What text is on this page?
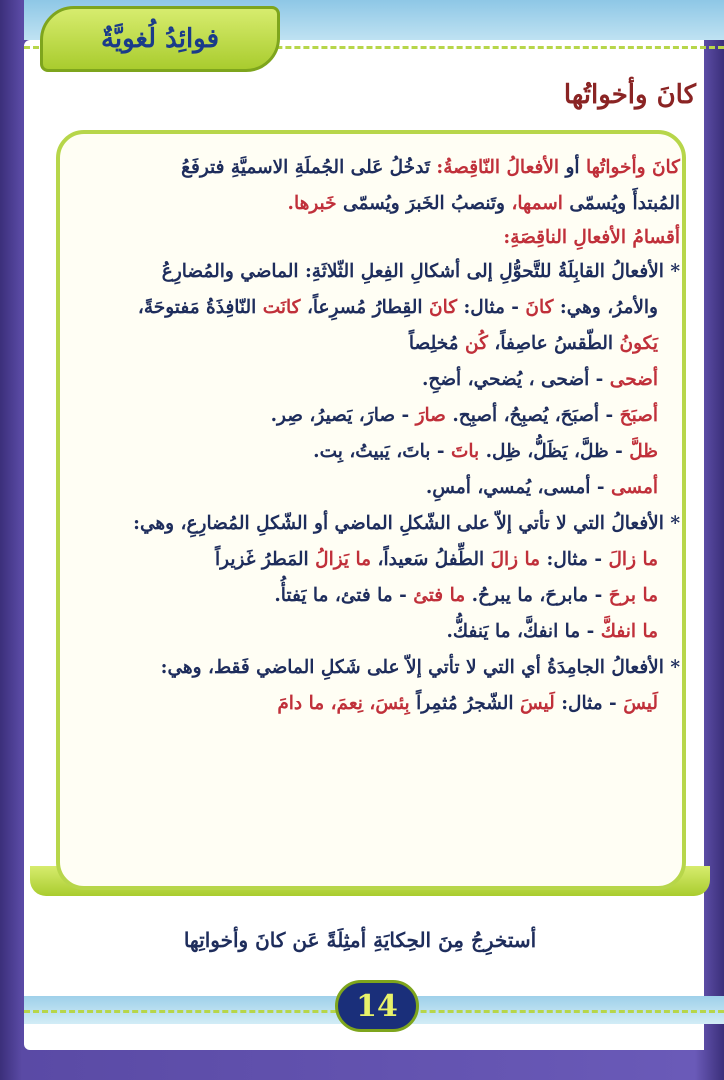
فوائِدُ لُغويَّةٌ
كانَ وأخواتُها
كانَ وأخواتُها أو الأفعالُ النّاقِصةُ: تَدخُلُ عَلى الجُملَةِ الاسميَّةِ فترفَعُ
المُبتدأَ ويُسمّى اسمها، وتَنصبُ الخَبرَ ويُسمّى خَبرها.
أقسامُ الأفعالِ الناقِصَةِ:
* الأفعالُ القابِلَةُ للتَّحوُّلِ إلى أشكالِ الفِعلِ الثّلاثَةِ: الماضي والمُضارِعُ
والأمرُ، وهي: كانَ - مثال: كانَ القِطارُ مُسرِعاً، كانَت النّافِذَةُ مَفتوحَةً،
يَكونُ الطّقسُ عاصِفاً، كُن مُخلِصاً
أضحى - أضحى ، يُضحي، أضحِ.
أصبَحَ - أصبَحَ، يُصبِحُ، أصبِح. صارَ - صارَ، يَصيرُ، صِر.
ظلَّ - ظلَّ، يَظَلُّ، ظِل. باتَ - باتَ، يَبيتُ، بِت.
أمسى - أمسى، يُمسي، أمسِ.
* الأفعالُ التي لا تأتي إلاّ على الشّكلِ الماضي أو الشّكلِ المُضارِعِ، وهي:
ما زالَ - مثال: ما زالَ الطِّفلُ سَعيداً، ما يَزالُ المَطرُ غَزيراً
ما برحَ - مابرحَ، ما يبرحُ. ما فتئ - ما فتئ، ما يَفتأُ.
ما انفكَّ - ما انفكَّ، ما يَنفكُّ.
* الأفعالُ الجامِدَةُ أي التي لا تأتي إلاّ على شَكلِ الماضي فَقط، وهي:
لَيسَ - مثال: لَيسَ الشّجرُ مُثمِراً بِئسَ، نِعمَ، ما دامَ
أستخرِجُ مِنَ الحِكايَةِ أمثِلَةً عَن كانَ وأخواتِها
14
